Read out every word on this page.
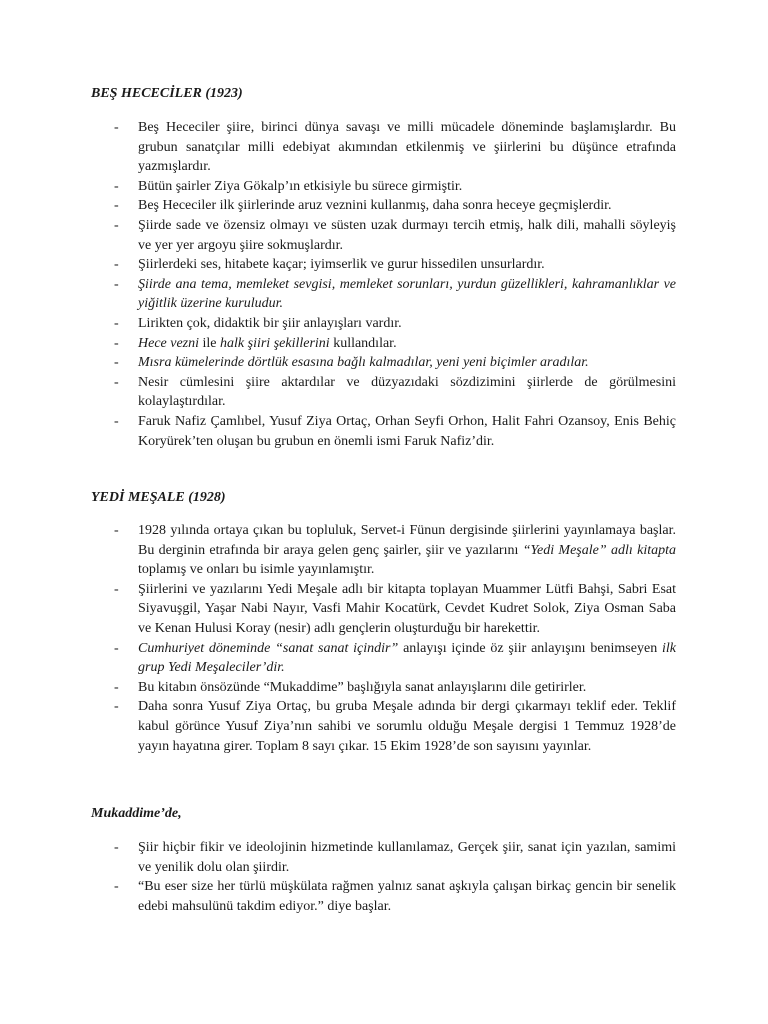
BEŞ HECECİLER (1923)
- Beş Hececiler şiire, birinci dünya savaşı ve milli mücadele döneminde başlamışlardır. Bu grubun sanatçılar milli edebiyat akımından etkilenmiş ve şiirlerini bu düşünce etrafında yazmışlardır.
- Bütün şairler Ziya Gökalp’ın etkisiyle bu sürece girmiştir.
- Beş Hececiler ilk şiirlerinde aruz veznini kullanmış, daha sonra heceye geçmişlerdir.
- Şiirde sade ve özensiz olmayı ve süsten uzak durmayı tercih etmiş, halk dili, mahalli söyleyiş ve yer yer argoyu şiire sokmuşlardır.
- Şiirlerdeki ses, hitabete kaçar; iyimserlik ve gurur hissedilen unsurlardır.
- Şiirde ana tema, memleket sevgisi, memleket sorunları, yurdun güzellikleri, kahramanlıklar ve yiğitlik üzerine kuruludur.
- Lirikten çok, didaktik bir şiir anlayışları vardır.
- Hece vezni ile halk şiiri şekillerini kullandılar.
- Mısra kümelerinde dörtlük esasına bağlı kalmadılar, yeni yeni biçimler aradılar.
- Nesir cümlesini şiire aktardılar ve düzyazıdaki sözdizimini şiirlerde de görülmesini kolaylaştırdılar.
- Faruk Nafiz Çamlıbel, Yusuf Ziya Ortaç, Orhan Seyfi Orhon, Halit Fahri Ozansoy, Enis Behiç Koryürek’ten oluşan bu grubun en önemli ismi Faruk Nafiz’dir.
YEDİ MEŞALE (1928)
- 1928 yılında ortaya çıkan bu topluluk, Servet-i Fünun dergisinde şiirlerini yayınlamaya başlar. Bu derginin etrafında bir araya gelen genç şairler, şiir ve yazılarını “Yedi Meşale” adlı kitapta toplamış ve onları bu isimle yayınlamıştır.
- Şiirlerini ve yazılarını Yedi Meşale adlı bir kitapta toplayan Muammer Lütfi Bahşi, Sabri Esat Siyavuşgil, Yaşar Nabi Nayır, Vasfi Mahir Kocatürk, Cevdet Kudret Solok, Ziya Osman Saba ve Kenan Hulusi Koray (nesir) adlı gençlerin oluşturduğu bir harekettir.
- Cumhuriyet döneminde “sanat sanat içindir” anlayışı içinde öz şiir anlayışını benimseyen ilk grup Yedi Meşaleciler’dir.
- Bu kitabın önsözünde “Mukaddime” başlığıyla sanat anlayışlarını dile getirirler.
- Daha sonra Yusuf Ziya Ortaç, bu gruba Meşale adında bir dergi çıkarmayı teklif eder. Teklif kabul görünce Yusuf Ziya’nın sahibi ve sorumlu olduğu Meşale dergisi 1 Temmuz 1928’de yayın hayatına girer. Toplam 8 sayı çıkar. 15 Ekim 1928’de son sayısını yayınlar.
Mukaddime’de,
- Şiir hiçbir fikir ve ideolojinin hizmetinde kullanılamaz, Gerçek şiir, sanat için yazılan, samimi ve yenilik dolu olan şiirdir.
- “Bu eser size her türlü müşkülata rağmen yalnız sanat aşkıyla çalışan birkaç gencin bir senelik edebi mahsulünü takdim ediyor.” diye başlar.
